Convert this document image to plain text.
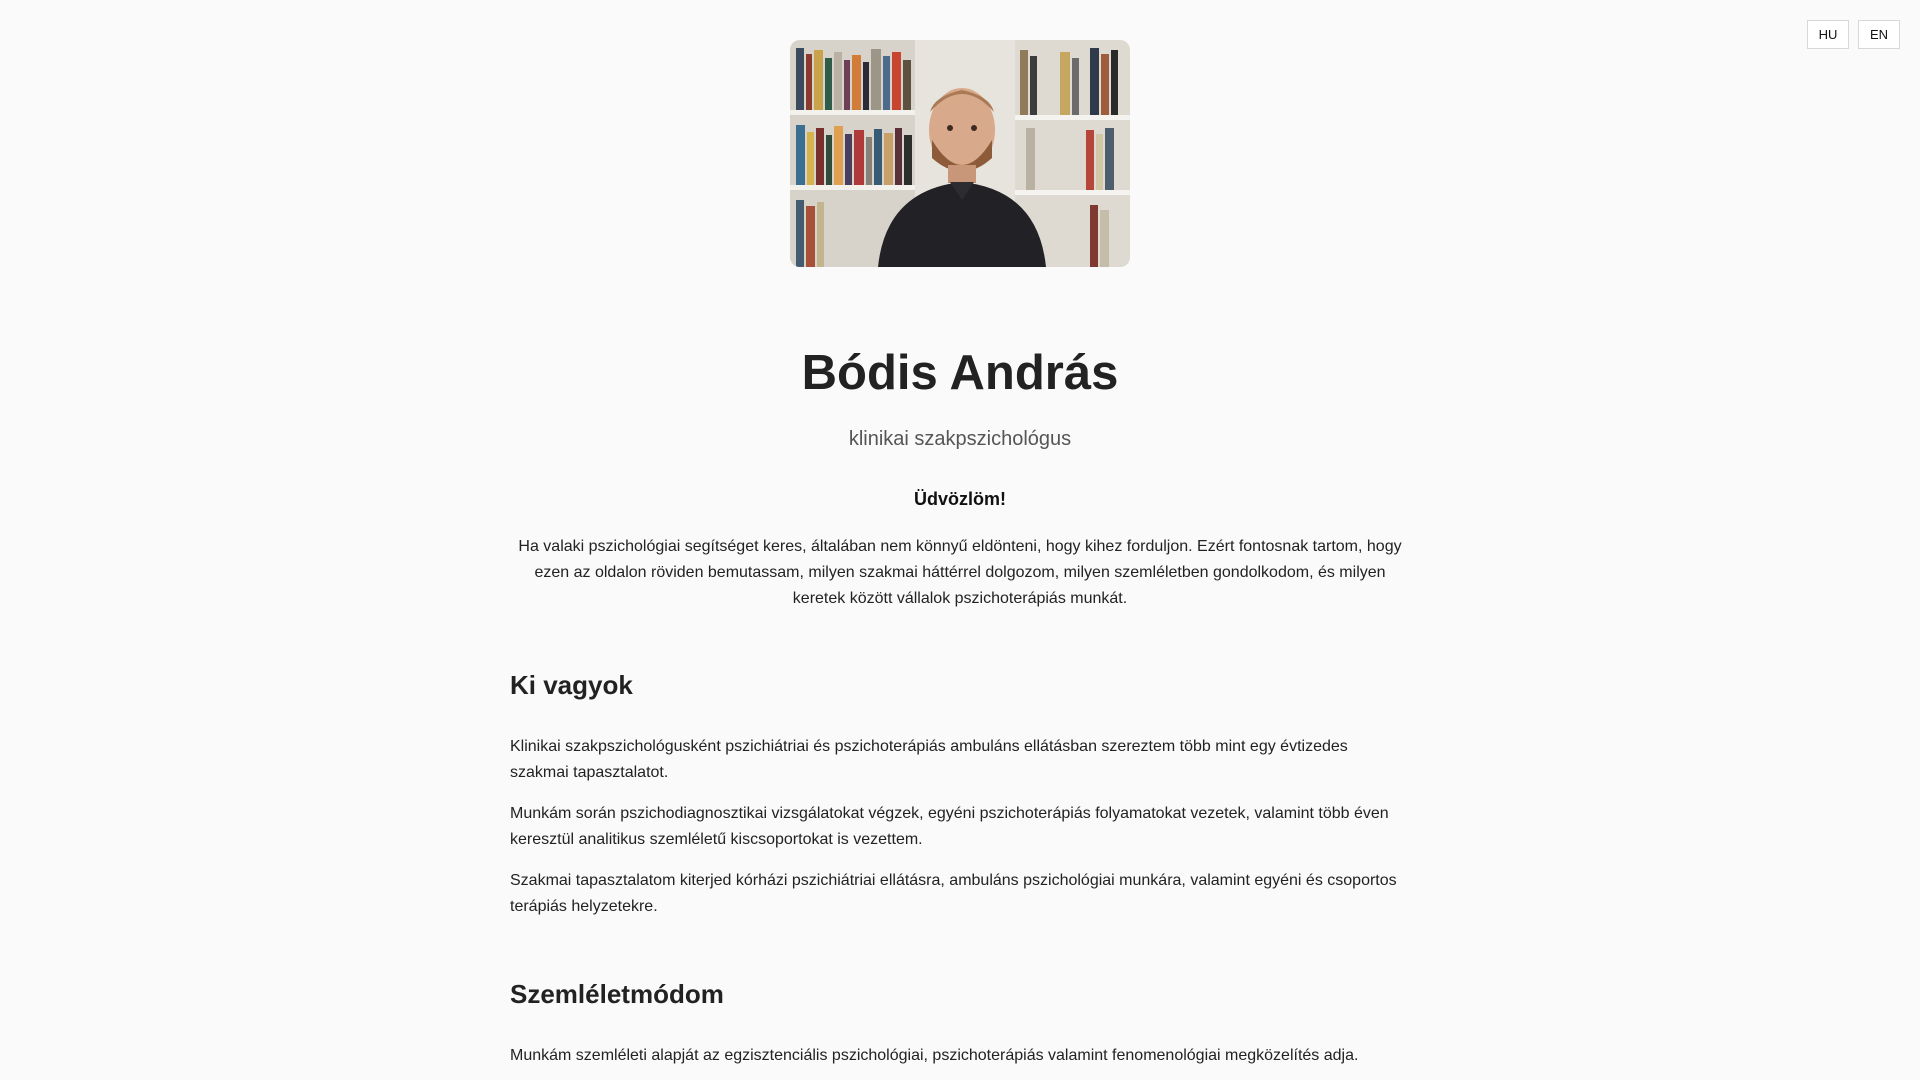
HU	EN
Bódis András
klinikai szakpszichológus
Üdvözlöm!

Ha valaki pszichológiai segítséget keres, általában nem könnyű eldönteni, hogy kihez forduljon. Ezért fontosnak tartom, hogy ezen az oldalon röviden bemutassam, milyen szakmai háttérrel dolgozom, milyen szemléletben gondolkodom, és milyen keretek között vállalok pszichoterápiás munkát.

Ki vagyok

Klinikai szakpszichológusként pszichiátriai és pszichoterápiás ambuláns ellátásban szereztem több mint egy évtizedes szakmai tapasztalatot.

Munkám során pszichodiagnosztikai vizsgálatokat végzek, egyéni pszichoterápiás folyamatokat vezetek, valamint több éven keresztül analitikus szemléletű kiscsoportokat is vezettem.

Szakmai tapasztalatom kiterjed kórházi pszichiátriai ellátásra, ambuláns pszichológiai munkára, valamint egyéni és csoportos terápiás helyzetekre.

Szemléletmódom

Munkám szemléleti alapját az egzisztenciális pszichológiai, pszichoterápiás valamint fenomenológiai megközelítés adja.
